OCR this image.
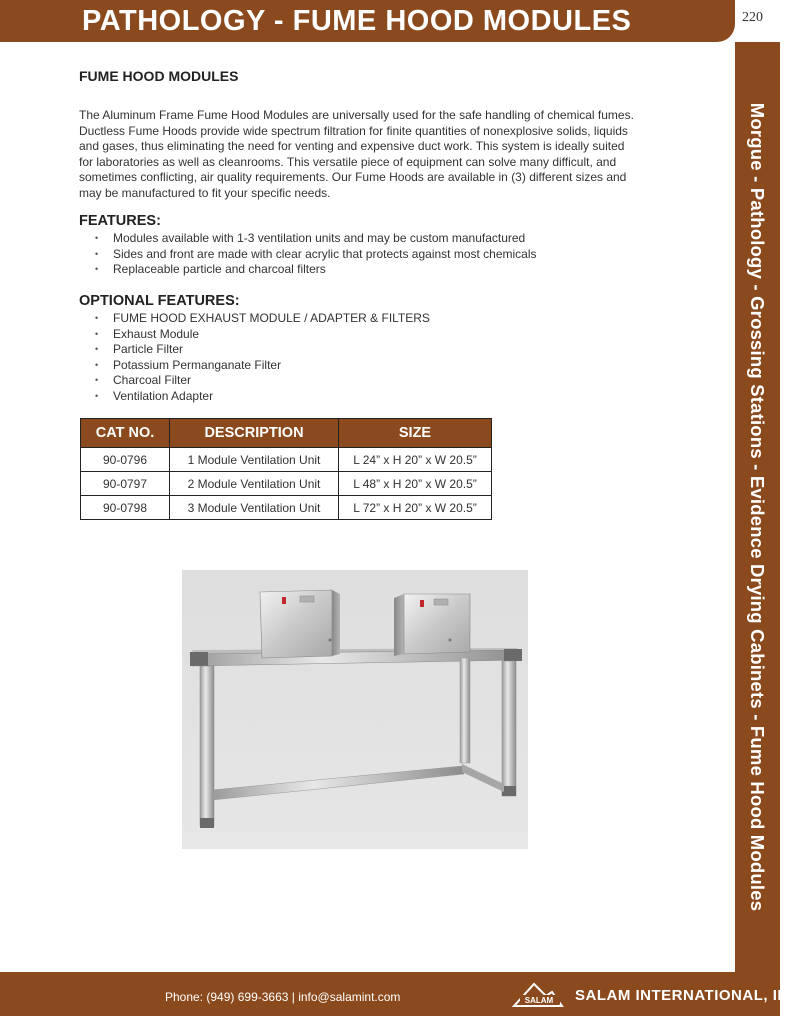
PATHOLOGY - FUME HOOD MODULES	220
Morgue - Pathology - Grossing Stations - Evidence Drying Cabinets - Fume Hood Modules
FUME HOOD MODULES
The Aluminum Frame Fume Hood Modules are universally used for the safe handling of chemical fumes.
Ductless Fume Hoods provide wide spectrum filtration for finite quantities of nonexplosive solids, liquids
and gases, thus eliminating the need for venting and expensive duct work. This system is ideally suited
for laboratories as well as cleanrooms. This versatile piece of equipment can solve many difficult, and
sometimes conflicting, air quality requirements. Our Fume Hoods are available in (3) different sizes and
may be manufactured to fit your specific needs.
FEATURES:
• Modules available with 1-3 ventilation units and may be custom manufactured
• Sides and front are made with clear acrylic that protects against most chemicals
• Replaceable particle and charcoal filters
OPTIONAL FEATURES:
• FUME HOOD EXHAUST MODULE / ADAPTER & FILTERS
• Exhaust Module
• Particle Filter
• Potassium Permanganate Filter
• Charcoal Filter
• Ventilation Adapter
CAT NO.	DESCRIPTION	SIZE
90-0796	1 Module Ventilation Unit	L 24” x H 20” x W 20.5”
90-0797	2 Module Ventilation Unit	L 48” x H 20” x W 20.5”
90-0798	3 Module Ventilation Unit	L 72” x H 20” x W 20.5”
Phone: (949) 699-3663 | info@salamint.com	SALAM SALAM INTERNATIONAL, INC.
